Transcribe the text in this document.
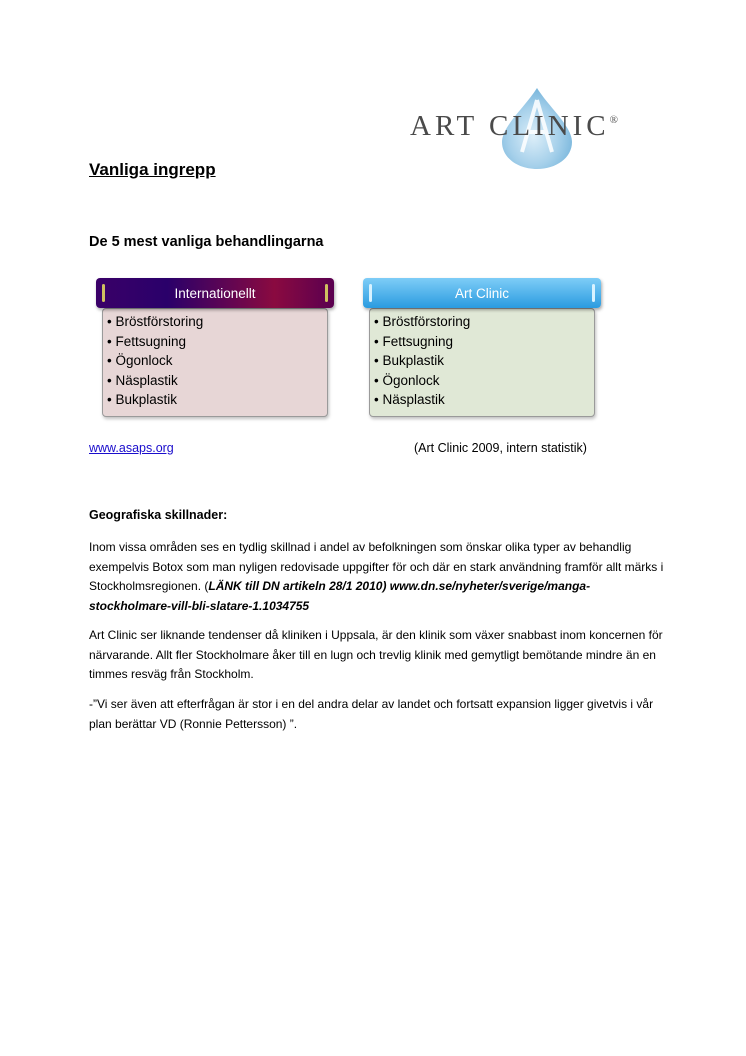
ART CLINIC®
Vanliga ingrepp
De 5 mest vanliga behandlingarna
Internationellt
• Bröstförstoring
• Fettsugning
• Ögonlock
• Näsplastik
• Bukplastik
Art Clinic
• Bröstförstoring
• Fettsugning
• Bukplastik
• Ögonlock
• Näsplastik
www.asaps.org	(Art Clinic 2009, intern statistik)
Geografiska skillnader:
Inom vissa områden ses en tydlig skillnad i andel av befolkningen som önskar olika typer av behandlig exempelvis Botox som man nyligen redovisade uppgifter för och där en stark användning framför allt märks i Stockholmsregionen. (LÄNK till DN artikeln 28/1 2010) www.dn.se/nyheter/sverige/manga-stockholmare-vill-bli-slatare-1.1034755
Art Clinic ser liknande tendenser då kliniken i Uppsala, är den klinik som växer snabbast inom koncernen för närvarande. Allt fler Stockholmare åker till en lugn och trevlig klinik med gemytligt bemötande mindre än en timmes resväg från Stockholm.
-”Vi ser även att efterfrågan är stor i en del andra delar av landet och fortsatt expansion ligger givetvis i vår plan berättar VD (Ronnie Pettersson) ”.
